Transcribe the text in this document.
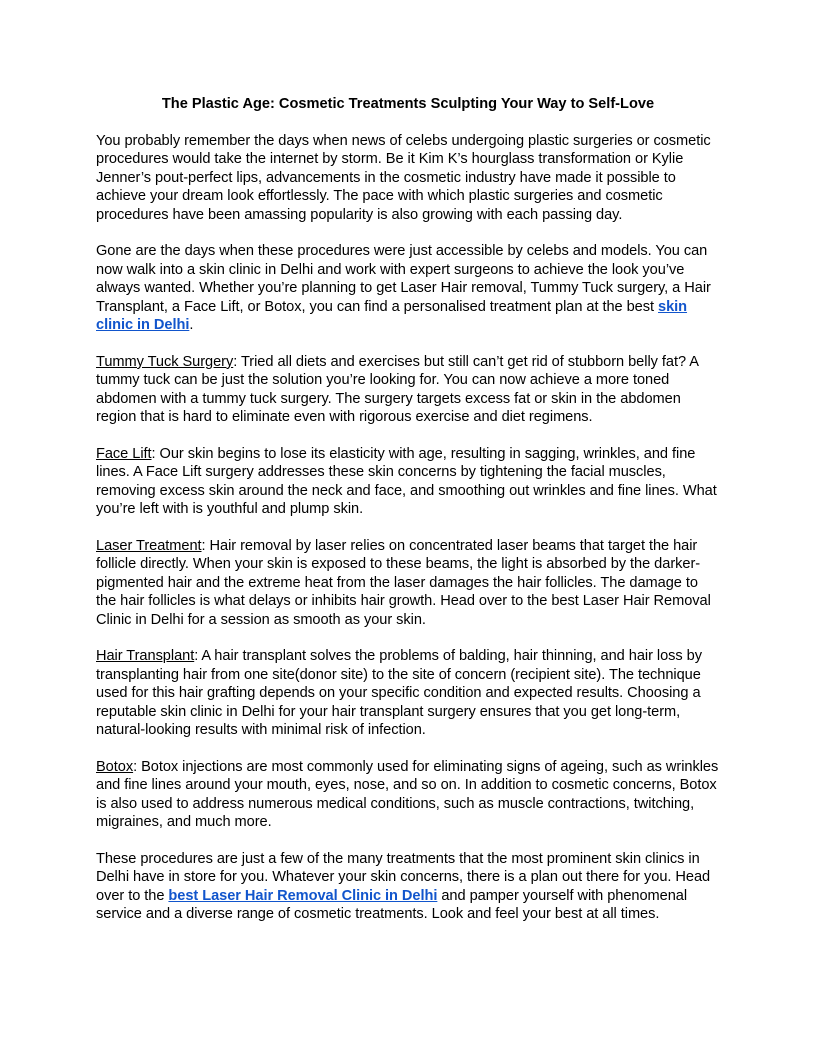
The Plastic Age: Cosmetic Treatments Sculpting Your Way to Self-Love

You probably remember the days when news of celebs undergoing plastic surgeries or cosmetic procedures would take the internet by storm. Be it Kim K’s hourglass transformation or Kylie Jenner’s pout-perfect lips, advancements in the cosmetic industry have made it possible to achieve your dream look effortlessly. The pace with which plastic surgeries and cosmetic procedures have been amassing popularity is also growing with each passing day.

Gone are the days when these procedures were just accessible by celebs and models. You can now walk into a skin clinic in Delhi and work with expert surgeons to achieve the look you’ve always wanted. Whether you’re planning to get Laser Hair removal, Tummy Tuck surgery, a Hair Transplant, a Face Lift, or Botox, you can find a personalised treatment plan at the best skin clinic in Delhi.

Tummy Tuck Surgery: Tried all diets and exercises but still can’t get rid of stubborn belly fat? A tummy tuck can be just the solution you’re looking for. You can now achieve a more toned abdomen with a tummy tuck surgery. The surgery targets excess fat or skin in the abdomen region that is hard to eliminate even with rigorous exercise and diet regimens.

Face Lift: Our skin begins to lose its elasticity with age, resulting in sagging, wrinkles, and fine lines. A Face Lift surgery addresses these skin concerns by tightening the facial muscles, removing excess skin around the neck and face, and smoothing out wrinkles and fine lines. What you’re left with is youthful and plump skin.

Laser Treatment: Hair removal by laser relies on concentrated laser beams that target the hair follicle directly. When your skin is exposed to these beams, the light is absorbed by the darker-pigmented hair and the extreme heat from the laser damages the hair follicles. The damage to the hair follicles is what delays or inhibits hair growth. Head over to the best Laser Hair Removal Clinic in Delhi for a session as smooth as your skin.

Hair Transplant: A hair transplant solves the problems of balding, hair thinning, and hair loss by transplanting hair from one site(donor site) to the site of concern (recipient site). The technique used for this hair grafting depends on your specific condition and expected results. Choosing a reputable skin clinic in Delhi for your hair transplant surgery ensures that you get long-term, natural-looking results with minimal risk of infection.

Botox: Botox injections are most commonly used for eliminating signs of ageing, such as wrinkles and fine lines around your mouth, eyes, nose, and so on. In addition to cosmetic concerns, Botox is also used to address numerous medical conditions, such as muscle contractions, twitching, migraines, and much more.

These procedures are just a few of the many treatments that the most prominent skin clinics in Delhi have in store for you. Whatever your skin concerns, there is a plan out there for you. Head over to the best Laser Hair Removal Clinic in Delhi and pamper yourself with phenomenal service and a diverse range of cosmetic treatments. Look and feel your best at all times.
